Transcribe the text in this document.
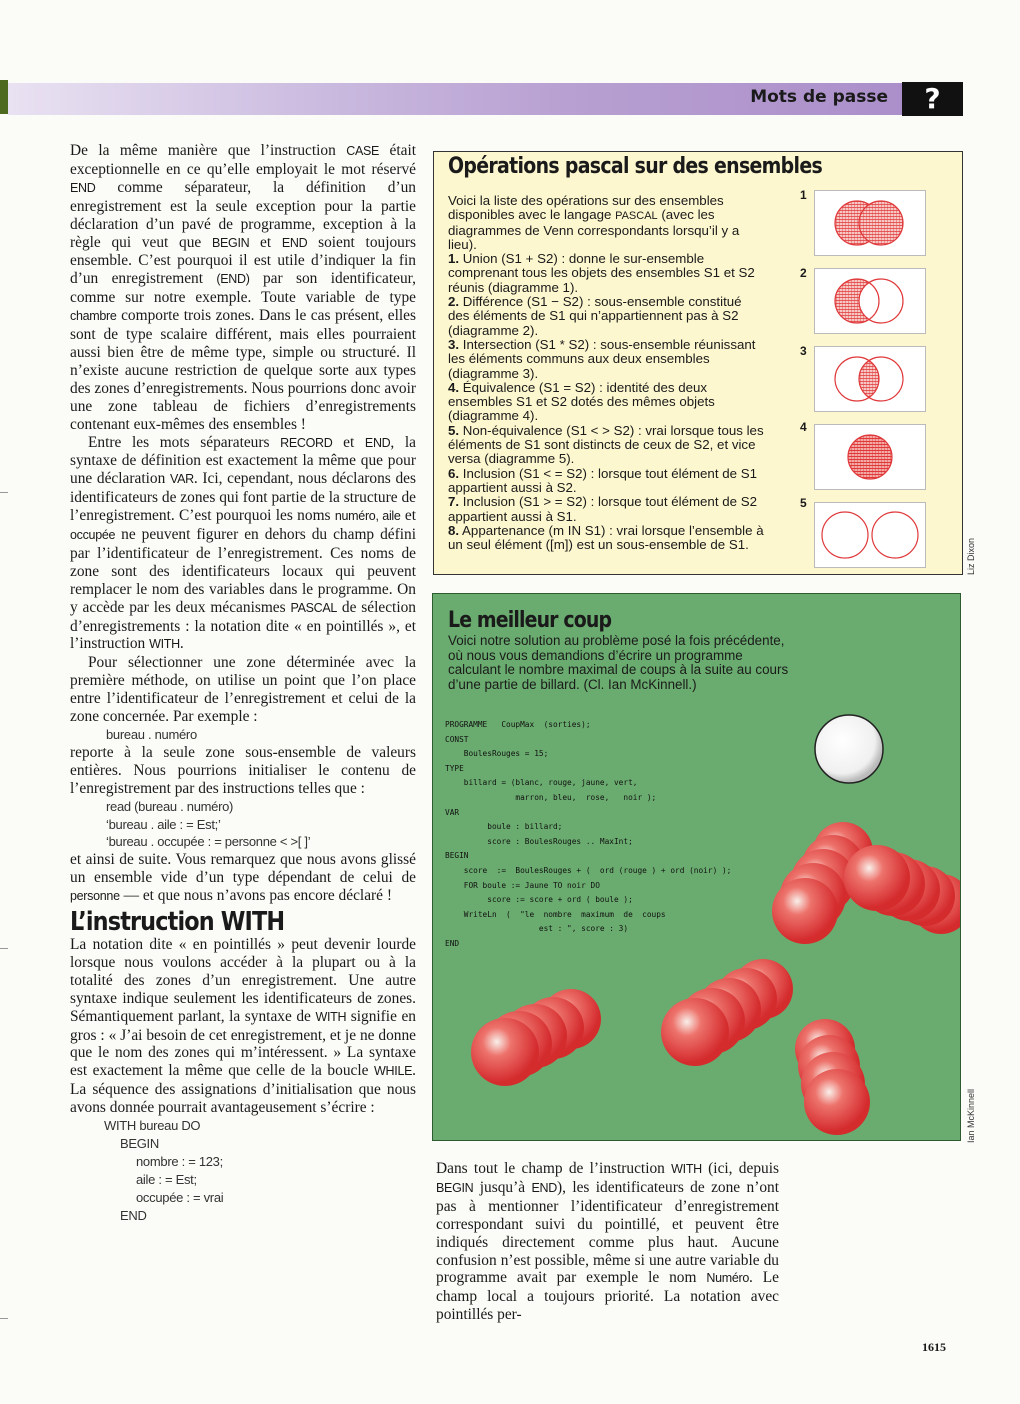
Mots de passe	?

De la même manière que l’instruction CASE était exceptionnelle en ce qu’elle employait le mot réservé END comme séparateur, la définition d’un enregistrement est la seule exception pour la partie déclaration d’un pavé de programme, exception à la règle qui veut que BEGIN et END soient toujours ensemble. C’est pourquoi il est utile d’indiquer la fin d’un enregistrement (END) par son identificateur, comme sur notre exemple. Toute variable de type chambre comporte trois zones. Dans le cas présent, elles sont de type scalaire différent, mais elles pourraient aussi bien être de même type, simple ou structuré. Il n’existe aucune restriction de quelque sorte aux types des zones d’enregistrements. Nous pourrions donc avoir une zone tableau de fichiers d’enregistrements contenant eux-mêmes des ensembles !

Entre les mots séparateurs RECORD et END, la syntaxe de définition est exactement la même que pour une déclaration VAR. Ici, cependant, nous déclarons des identificateurs de zones qui font partie de la structure de l’enregistrement. C’est pourquoi les noms numéro, aile et occupée ne peuvent figurer en dehors du champ défini par l’identificateur de l’enregistrement. Ces noms de zone sont des identificateurs locaux qui peuvent remplacer le nom des variables dans le programme. On y accède par les deux mécanismes PASCAL de sélection d’enregistrements : la notation dite « en pointillés », et l’instruction WITH.

Pour sélectionner une zone déterminée avec la première méthode, on utilise un point que l’on place entre l’identificateur de l’enregistrement et celui de la zone concernée. Par exemple :

bureau . numéro

reporte à la seule zone sous-ensemble de valeurs entières. Nous pourrions initialiser le contenu de l’enregistrement par des instructions telles que :

read (bureau . numéro)

‘bureau . aile : = Est;’

‘bureau . occupée : = personne < >[ ]’

et ainsi de suite. Vous remarquez que nous avons glissé un ensemble vide d’un type dépendant de celui de personne — et que nous n’avons pas encore déclaré !

L’instruction WITH

La notation dite « en pointillés » peut devenir lourde lorsque nous voulons accéder à la plupart ou à la totalité des zones d’un enregistrement. Une autre syntaxe indique seulement les identificateurs de zones. Sémantiquement parlant, la syntaxe de WITH signifie en gros : « J’ai besoin de cet enregistrement, et je ne donne que le nom des zones qui m’intéressent. » La syntaxe est exactement la même que celle de la boucle WHILE. La séquence des assignations d’initialisation que nous avons donnée pourrait avantageusement s’écrire :

WITH bureau DO

BEGIN

nombre : = 123;

aile : = Est;

occupée : = vrai

END

Opérations pascal sur des ensembles

Voici la liste des opérations sur des ensembles disponibles avec le langage PASCAL (avec les diagrammes de Venn correspondants lorsqu’il y a lieu).

1. Union (S1 + S2) : donne le sur-ensemble comprenant tous les objets des ensembles S1 et S2 réunis (diagramme 1).

2. Différence (S1 − S2) : sous-ensemble constitué des éléments de S1 qui n’appartiennent pas à S2 (diagramme 2).

3. Intersection (S1 * S2) : sous-ensemble réunissant les éléments communs aux deux ensembles (diagramme 3).

4. Équivalence (S1 = S2) : identité des deux ensembles S1 et S2 dotés des mêmes objets (diagramme 4).

5. Non-équivalence (S1 < > S2) : vrai lorsque tous les éléments de S1 sont distincts de ceux de S2, et vice versa (diagramme 5).

6. Inclusion (S1 < = S2) : lorsque tout élément de S1 appartient aussi à S2.

7. Inclusion (S1 > = S2) : lorsque tout élément de S2 appartient aussi à S1.

8. Appartenance (m IN S1) : vrai lorsque l’ensemble à un seul élément ([m]) est un sous-ensemble de S1.

1
2
3
4
5
Liz Dixon
Le meilleur coup
Voici notre solution au problème posé la fois précédente, où nous vous demandions d’écrire un programme calculant le nombre maximal de coups à la suite au cours d’une partie de billard. (Cl. Ian McKinnell.)
PROGRAMME   CoupMax  (sorties);
CONST
BoulesRouges = 15;
TYPE
billard = (blanc, rouge, jaune, vert,
marron, bleu,  rose,   noir );
VAR
boule : billard;
score : BoulesRouges .. MaxInt;
BEGIN
score  :=  BoulesRouges + (  ord (rouge ) + ord (noir) );
FOR boule := Jaune TO noir DO
score := score + ord ( boule );
WriteLn  (  "le  nombre  maximum  de  coups
est : ", score : 3)
END
Ian McKinnell

Dans tout le champ de l’instruction WITH (ici, depuis BEGIN jusqu’à END), les identificateurs de zone n’ont pas à mentionner l’identificateur d’enregistrement correspondant suivi du pointillé, et peuvent être indiqués directement comme plus haut. Aucune confusion n’est possible, même si une autre variable du programme avait par exemple le nom Numéro. Le champ local a toujours priorité. La notation avec pointillés per-

1615
